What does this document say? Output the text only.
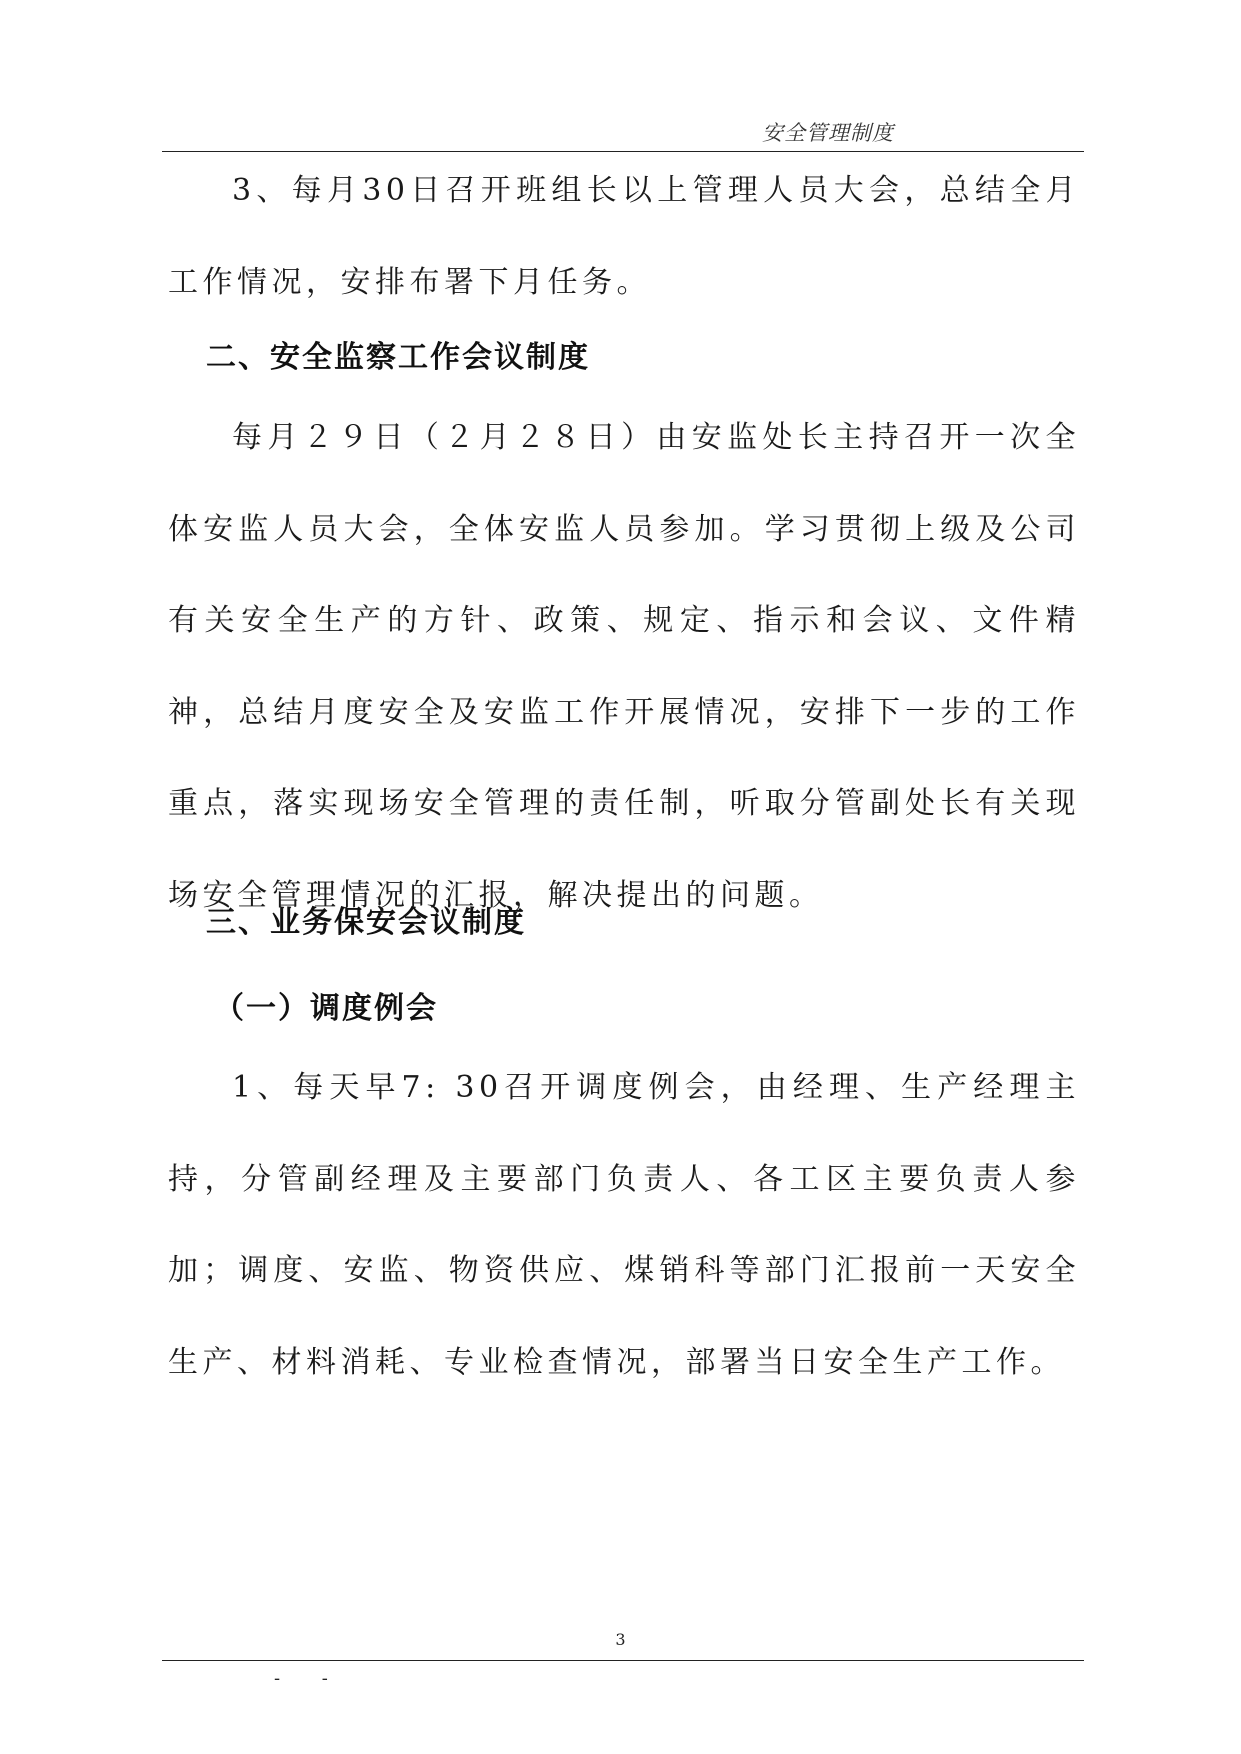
安全管理制度

3、每月30日召开班组长以上管理人员大会，总结全月工作情况，安排布署下月任务。

二、安全监察工作会议制度

每月２９日（２月２８日）由安监处长主持召开一次全体安监人员大会，全体安监人员参加。学习贯彻上级及公司有关安全生产的方针、政策、规定、指示和会议、文件精神，总结月度安全及安监工作开展情况，安排下一步的工作重点，落实现场安全管理的责任制，听取分管副处长有关现场安全管理情况的汇报，解决提出的问题。

三、业务保安会议制度
（一）调度例会

1、每天早7: 30召开调度例会，由经理、生产经理主持，分管副经理及主要部门负责人、各工区主要负责人参加；调度、安监、物资供应、煤销科等部门汇报前一天安全生产、材料消耗、专业检查情况，部署当日安全生产工作。

3
- -
